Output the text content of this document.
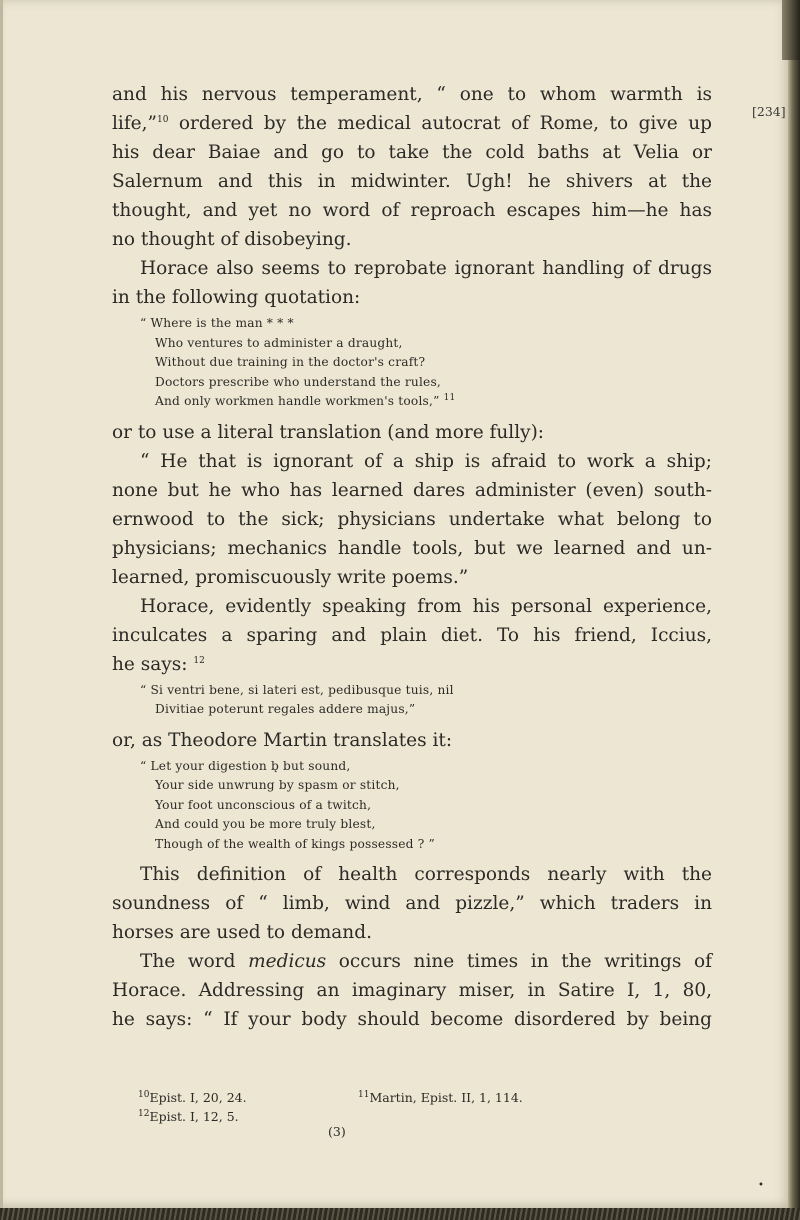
[234]
and his nervous temperament, “ one to whom warmth is
life,”$^{10}$ ordered by the medical autocrat of Rome, to give up
his dear Baiae and go to take the cold baths at Velia or
Salernum and this in midwinter. Ugh! he shivers at the
thought, and yet no word of reproach escapes him—he has
no thought of disobeying.
Horace also seems to reprobate ignorant handling of drugs
in the following quotation:
“ Where is the man * * *
Who ventures to administer a draught,
Without due training in the doctor's craft?
Doctors prescribe who understand the rules,
And only workmen handle workmen's tools,” $^{11}$
or to use a literal translation (and more fully):
“ He that is ignorant of a ship is afraid to work a ship;
none but he who has learned dares administer (even) south-
ernwood to the sick; physicians undertake what belong to
physicians; mechanics handle tools, but we learned and un-
learned, promiscuously write poems.”
Horace, evidently speaking from his personal experience,
inculcates a sparing and plain diet. To his friend, Iccius,
he says: $^{12}$
“ Si ventri bene, si lateri est, pedibusque tuis, nil
Divitiae poterunt regales addere majus,”
or, as Theodore Martin translates it:
“ Let your digestion b̨ but sound,
Your side unwrung by spasm or stitch,
Your foot unconscious of a twitch,
And could you be more truly blest,
Though of the wealth of kings possessed ? ”
This definition of health corresponds nearly with the
soundness of “ limb, wind and pizzle,” which traders in
horses are used to demand.
The word medicus occurs nine times in the writings of
Horace. Addressing an imaginary miser, in Satire I, 1, 80,
he says: “ If your body should become disordered by being
$^{10}$Epist. I, 20, 24.	$^{11}$Martin, Epist. II, 1, 114.
$^{12}$Epist. I, 12, 5.
(3)
•
